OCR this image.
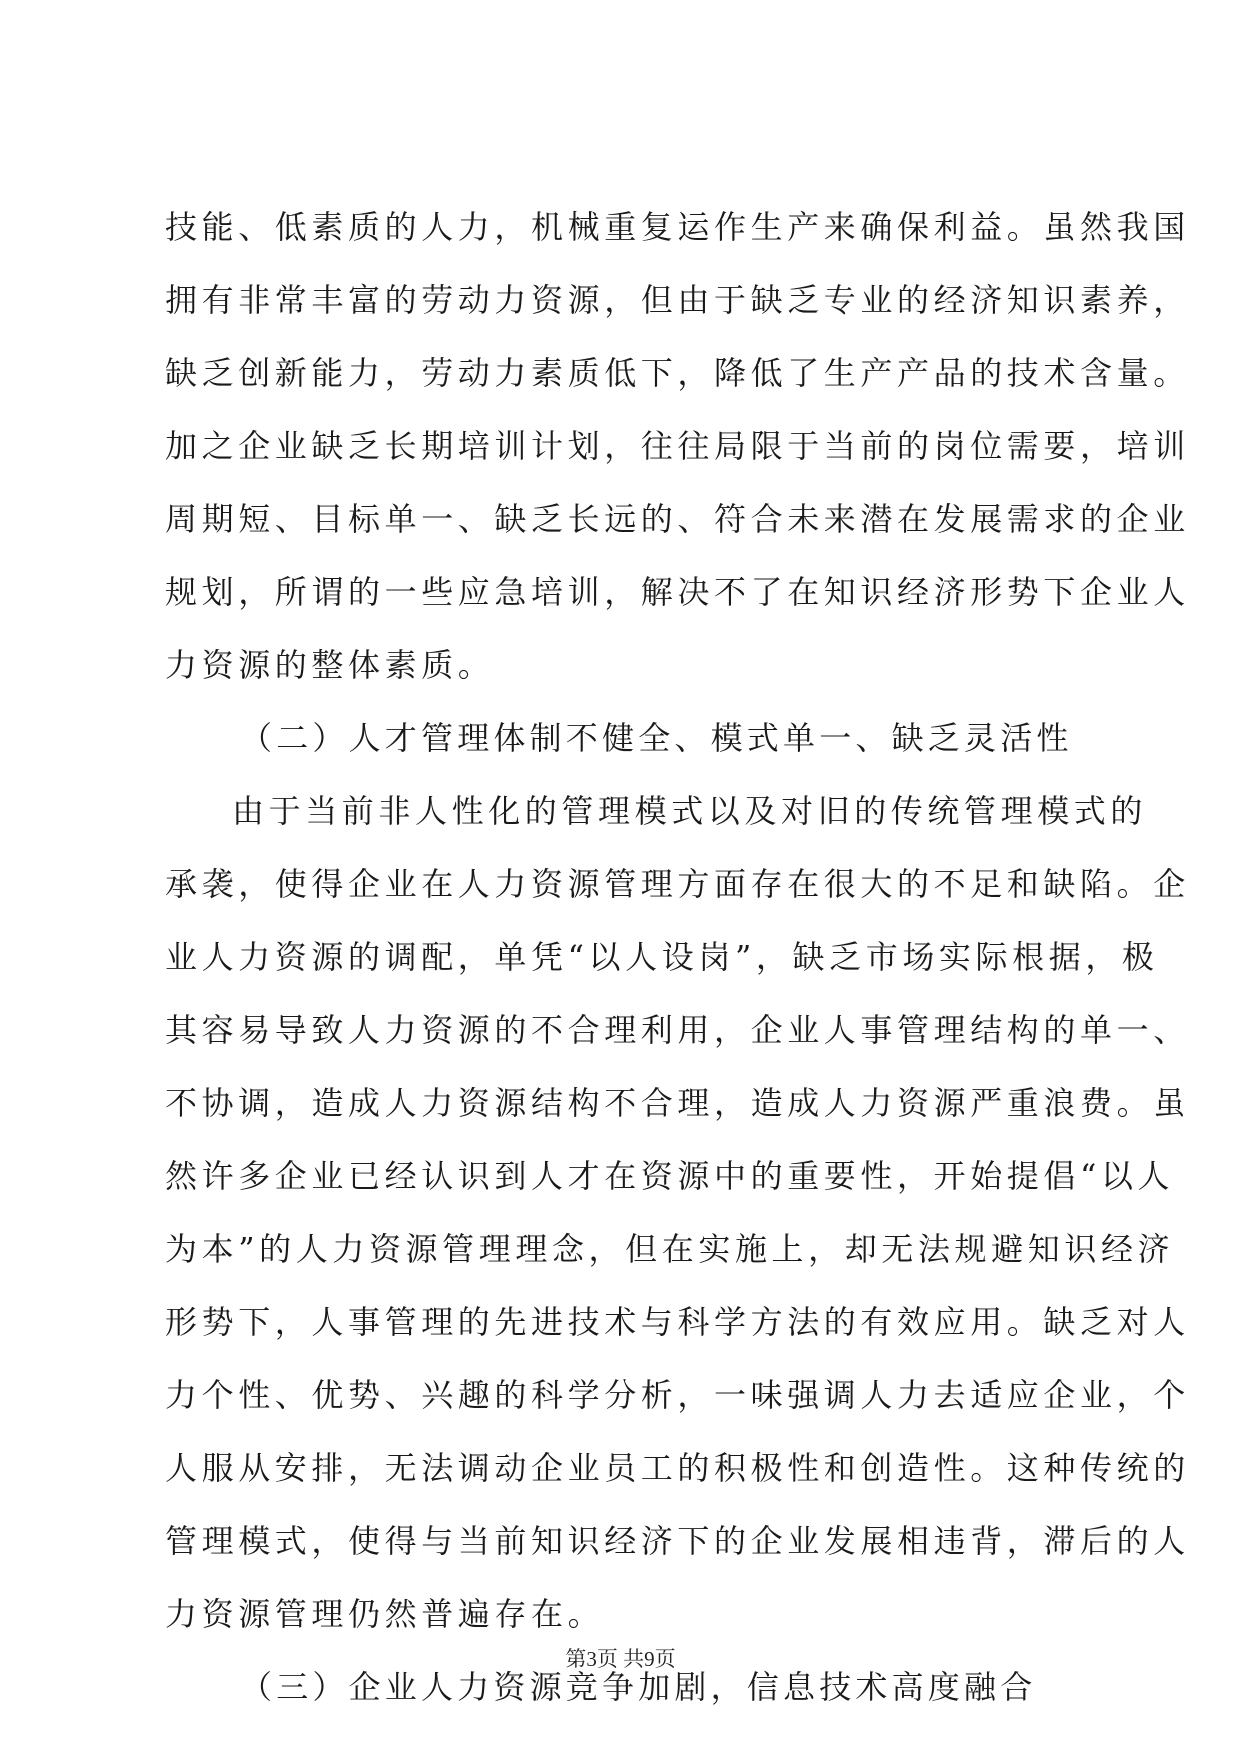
技能、低素质的人力，机械重复运作生产来确保利益。虽然我国
拥有非常丰富的劳动力资源，但由于缺乏专业的经济知识素养，
缺乏创新能力，劳动力素质低下，降低了生产产品的技术含量。
加之企业缺乏长期培训计划，往往局限于当前的岗位需要，培训
周期短、目标单一、缺乏长远的、符合未来潜在发展需求的企业
规划，所谓的一些应急培训，解决不了在知识经济形势下企业人
力资源的整体素质。
（二）人才管理体制不健全、模式单一、缺乏灵活性
由于当前非人性化的管理模式以及对旧的传统管理模式的
承袭，使得企业在人力资源管理方面存在很大的不足和缺陷。企
业人力资源的调配，单凭“以人设岗”，缺乏市场实际根据，极
其容易导致人力资源的不合理利用，企业人事管理结构的单一、
不协调，造成人力资源结构不合理，造成人力资源严重浪费。虽
然许多企业已经认识到人才在资源中的重要性，开始提倡“以人
为本”的人力资源管理理念，但在实施上，却无法规避知识经济
形势下，人事管理的先进技术与科学方法的有效应用。缺乏对人
力个性、优势、兴趣的科学分析，一味强调人力去适应企业，个
人服从安排，无法调动企业员工的积极性和创造性。这种传统的
管理模式，使得与当前知识经济下的企业发展相违背，滞后的人
力资源管理仍然普遍存在。
第3页 共9页
（三）企业人力资源竞争加剧，信息技术高度融合
